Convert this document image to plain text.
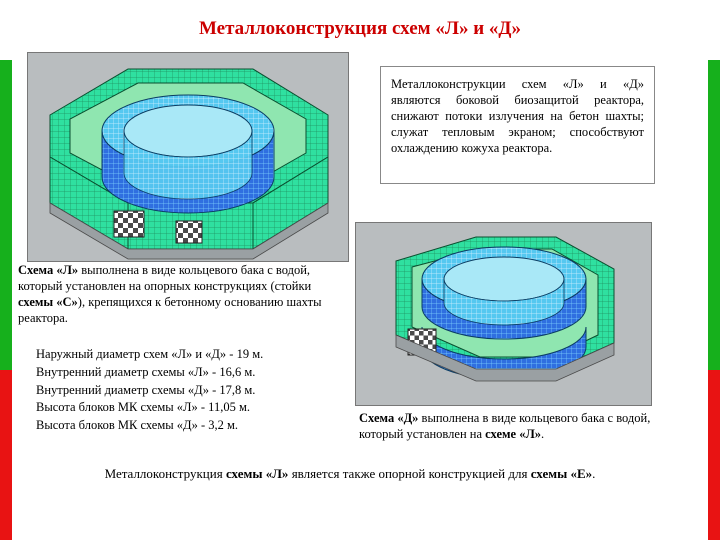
Металлоконструкция схем «Л» и «Д»
Металлоконструкции схем «Л» и «Д» являются боковой биозащитой реактора, снижают потоки излучения на бетон шахты; служат тепловым экраном; способствуют охлаждению кожуха реактора.
Схема «Л» выполнена в виде кольцевого бака с водой, который установлен на опорных конструкциях (стойки схемы «С»), крепящихся к бетонному основанию шахты реактора.
Наружный диаметр схем «Л» и «Д» - 19 м.
Внутренний диаметр схемы «Л» - 16,6 м.
Внутренний диаметр схемы «Д» - 17,8 м.
Высота блоков МК схемы «Л» - 11,05 м.
Высота блоков МК схемы «Д» - 3,2 м.	Схема «Д» выполнена в виде кольцевого бака с водой, который установлен на схеме «Л».
Металлоконструкция схемы «Л» является также опорной конструкцией для схемы «Е».
